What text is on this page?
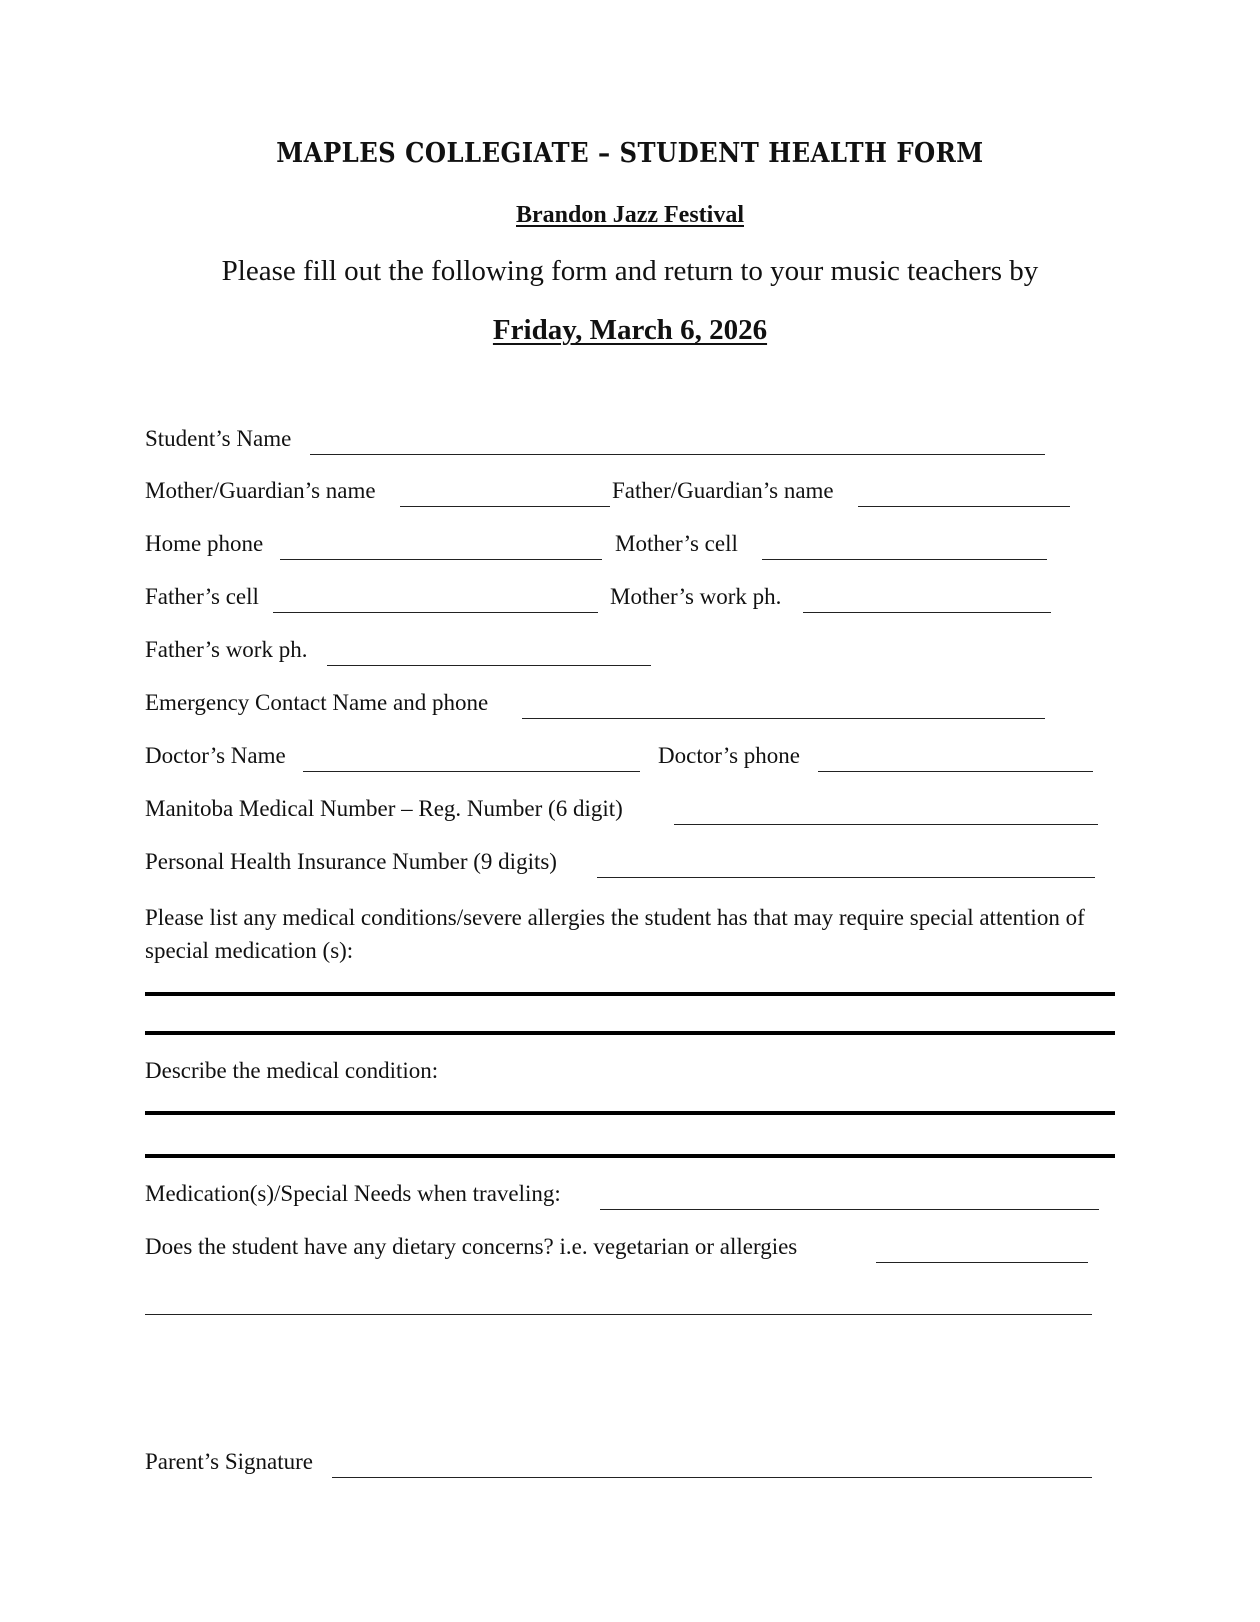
MAPLES COLLEGIATE – STUDENT HEALTH FORM
Brandon Jazz Festival
Please fill out the following form and return to your music teachers by
Friday, March 6, 2026
Student’s Name
Mother/Guardian’s name	Father/Guardian’s name
Home phone	Mother’s cell
Father’s cell	Mother’s work ph.
Father’s work ph.
Emergency Contact Name and phone
Doctor’s Name	Doctor’s phone
Manitoba Medical Number – Reg. Number (6 digit)
Personal Health Insurance Number (9 digits)
Please list any medical conditions/severe allergies the student has that may require special attention of special medication (s):
Describe the medical condition:
Medication(s)/Special Needs when traveling:
Does the student have any dietary concerns? i.e. vegetarian or allergies
Parent’s Signature
